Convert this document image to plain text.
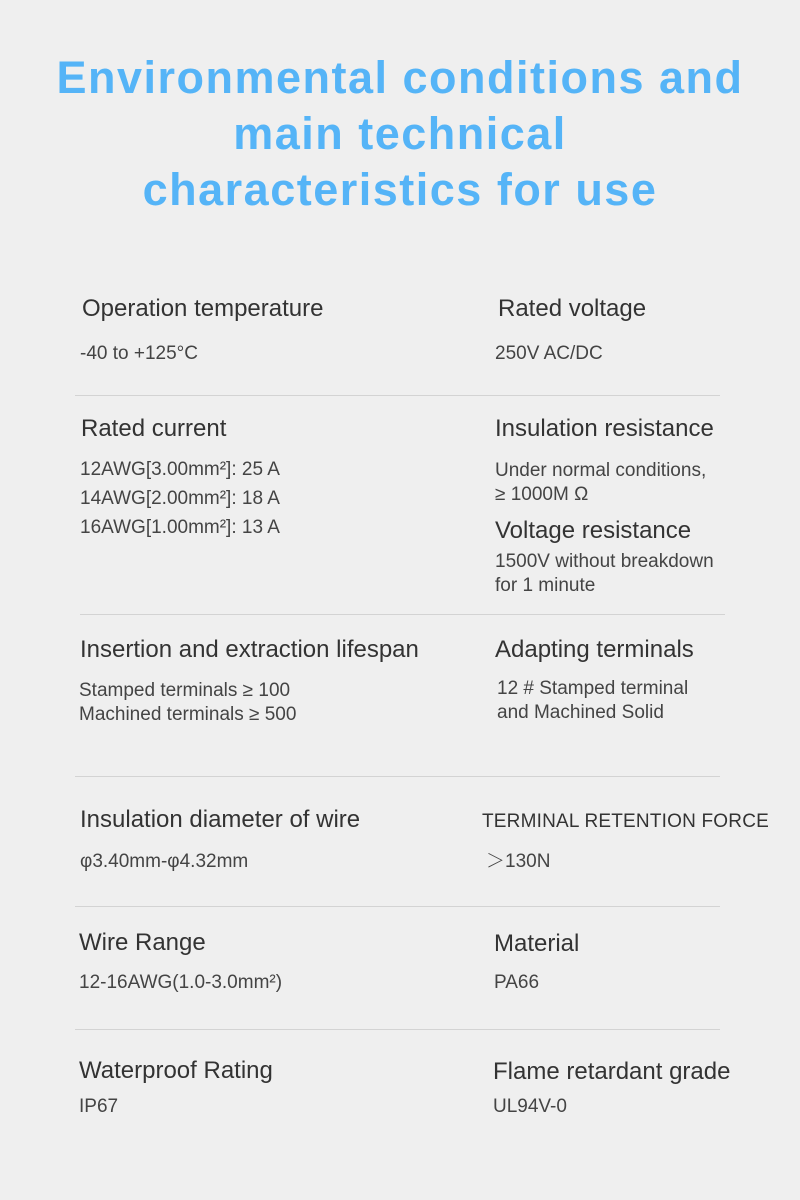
Environmental conditions and
main technical
characteristics for use
Operation temperature
-40 to +125°C
Rated voltage
250V AC/DC
Rated current
12AWG[3.00mm²]: 25 A
14AWG[2.00mm²]: 18 A
16AWG[1.00mm²]: 13 A
Insulation resistance
Under normal conditions,
≥ 1000M Ω
Voltage resistance
1500V without breakdown
for 1 minute
Insertion and extraction lifespan
Stamped terminals ≥ 100
Machined terminals ≥ 500
Adapting terminals
12 # Stamped terminal
and Machined Solid
Insulation diameter of wire
φ3.40mm-φ4.32mm
TERMINAL RETENTION FORCE
＞130N
Wire Range
12-16AWG(1.0-3.0mm²)
Material
PA66
Waterproof Rating
IP67
Flame retardant grade
UL94V-0
